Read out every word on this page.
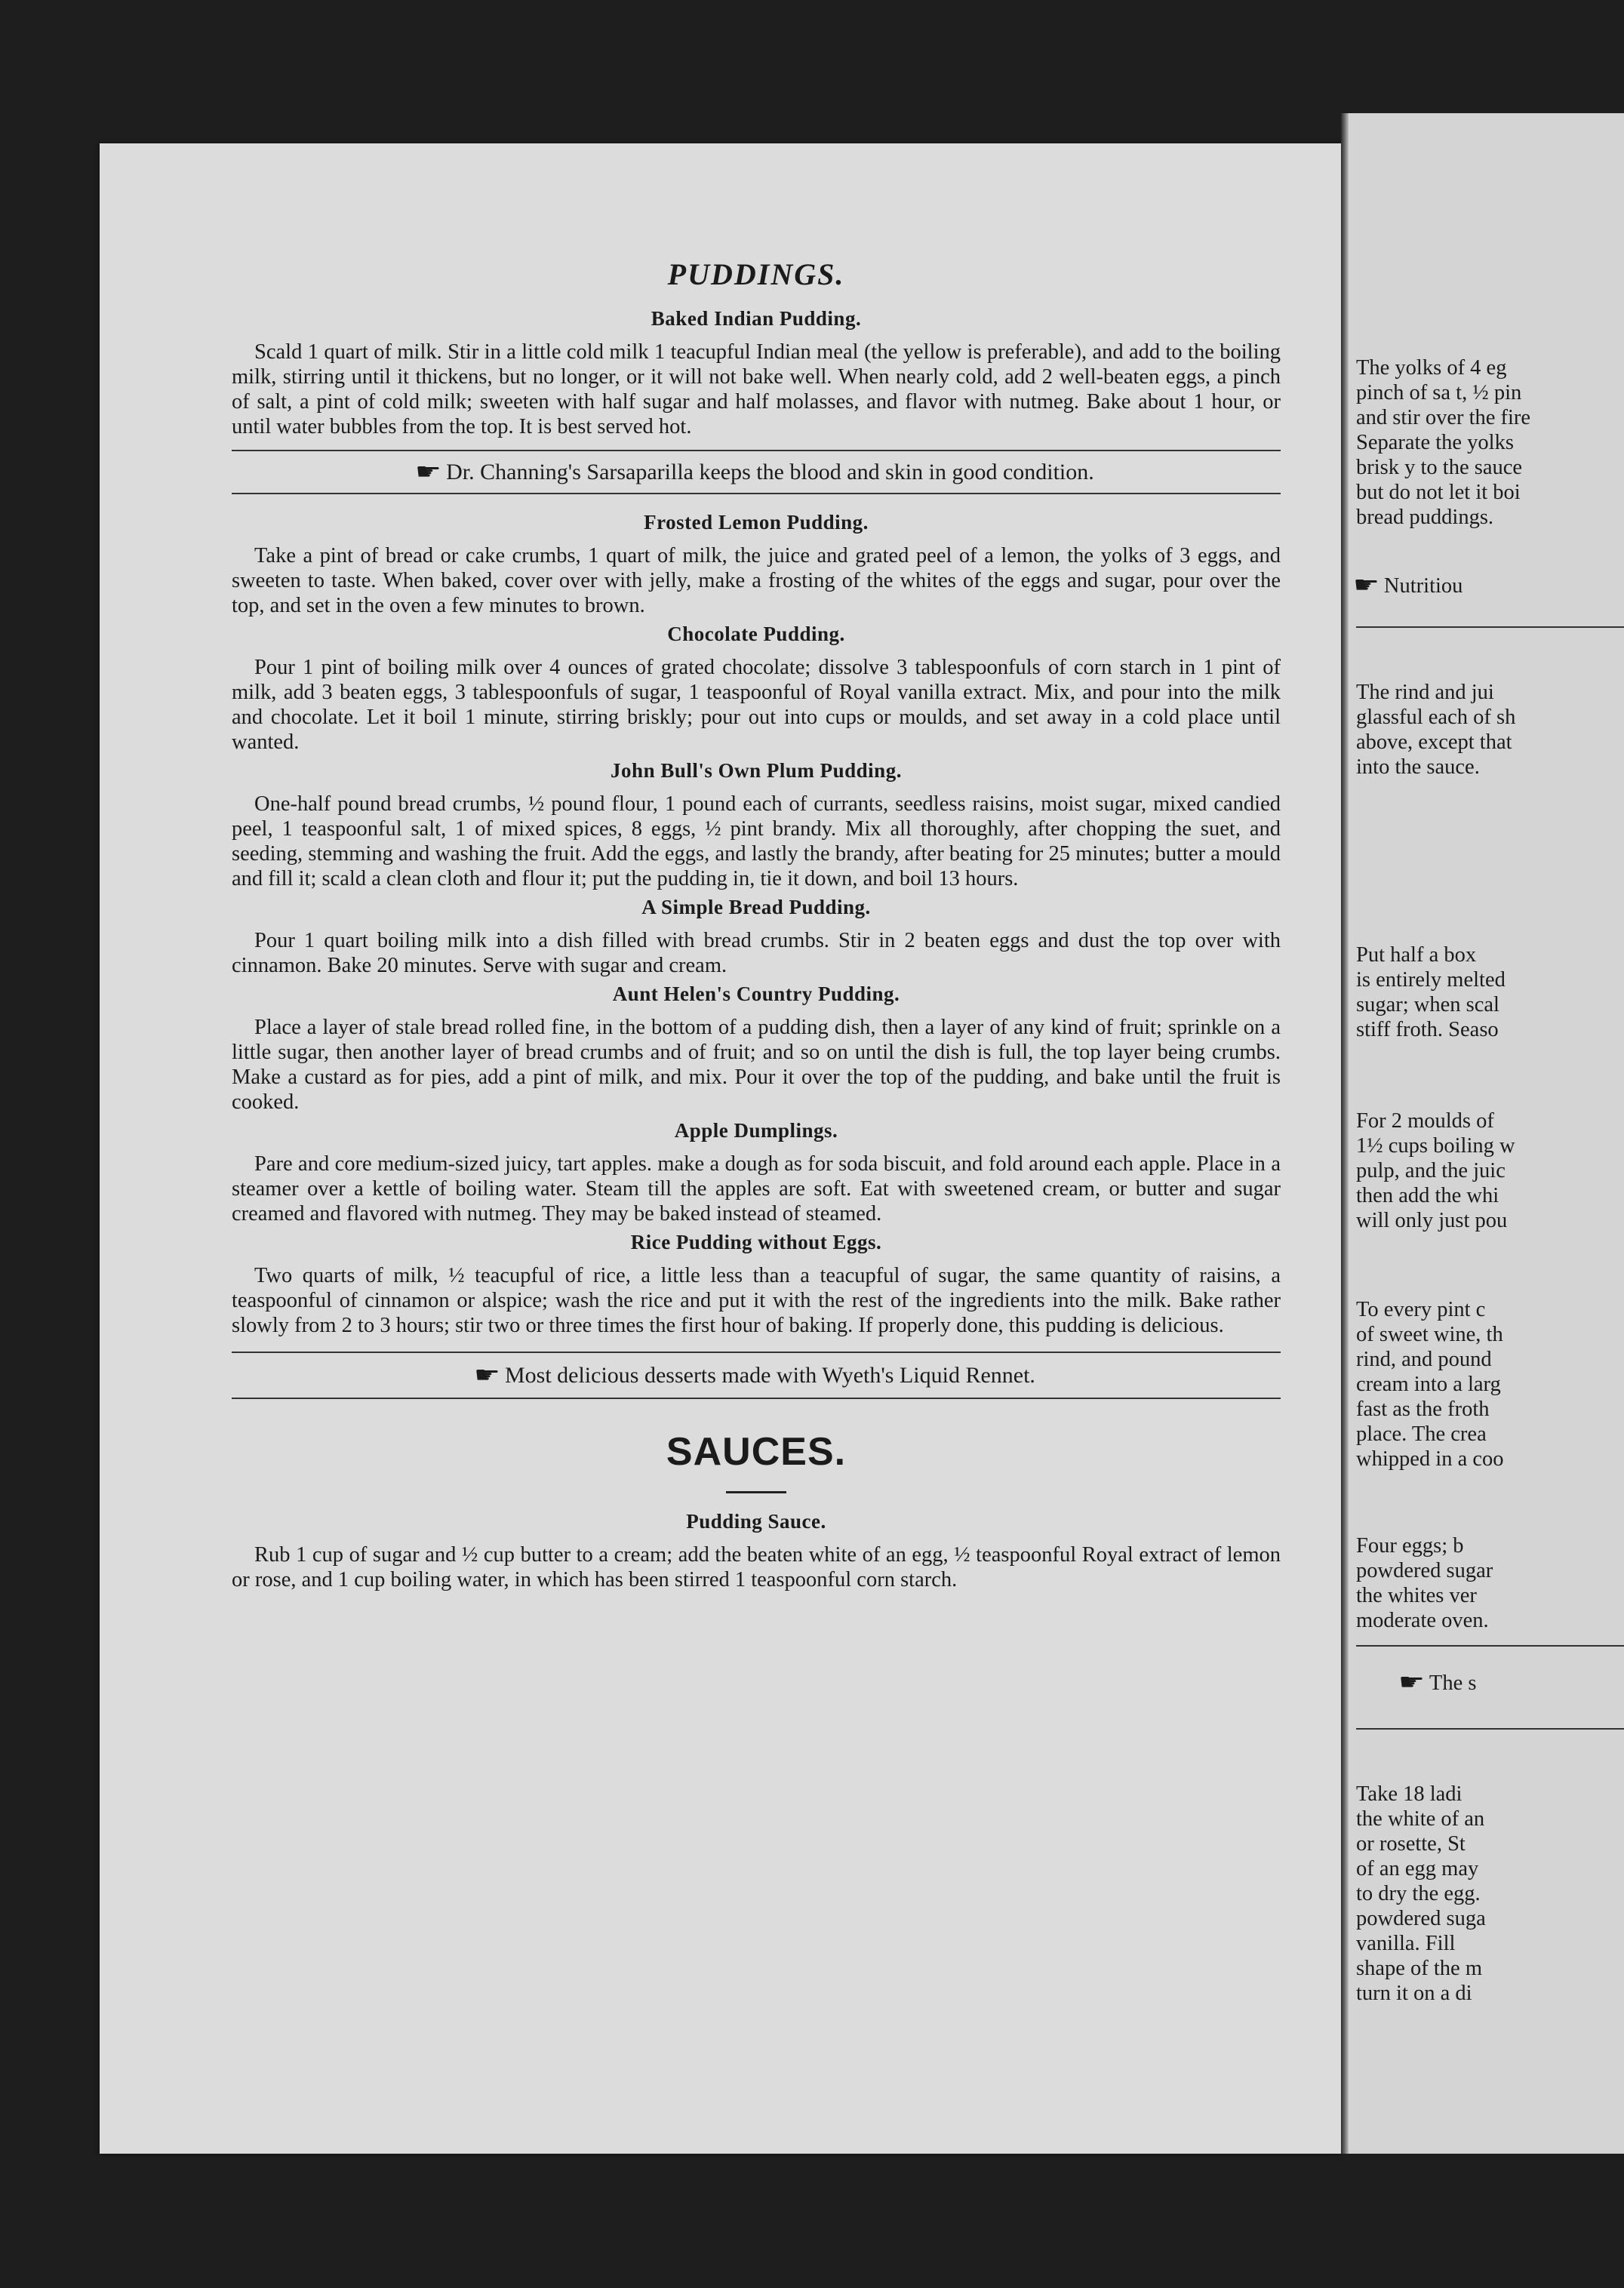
PUDDINGS.

Baked Indian Pudding.

Scald 1 quart of milk. Stir in a little cold milk 1 teacupful Indian meal (the yellow is preferable), and add to the boiling milk, stirring until it thickens, but no longer, or it will not bake well. When nearly cold, add 2 well-beaten eggs, a pinch of salt, a pint of cold milk; sweeten with half sugar and half molasses, and flavor with nutmeg. Bake about 1 hour, or until water bubbles from the top. It is best served hot.

☛ Dr. Channing's Sarsaparilla keeps the blood and skin in good condition.

Frosted Lemon Pudding.

Take a pint of bread or cake crumbs, 1 quart of milk, the juice and grated peel of a lemon, the yolks of 3 eggs, and sweeten to taste. When baked, cover over with jelly, make a frosting of the whites of the eggs and sugar, pour over the top, and set in the oven a few minutes to brown.

Chocolate Pudding.

Pour 1 pint of boiling milk over 4 ounces of grated chocolate; dissolve 3 tablespoonfuls of corn starch in 1 pint of milk, add 3 beaten eggs, 3 tablespoonfuls of sugar, 1 teaspoonful of Royal vanilla extract. Mix, and pour into the milk and chocolate. Let it boil 1 minute, stirring briskly; pour out into cups or moulds, and set away in a cold place until wanted.

John Bull's Own Plum Pudding.

One-half pound bread crumbs, ½ pound flour, 1 pound each of currants, seedless raisins, moist sugar, mixed candied peel, 1 teaspoonful salt, 1 of mixed spices, 8 eggs, ½ pint brandy. Mix all thoroughly, after chopping the suet, and seeding, stemming and washing the fruit. Add the eggs, and lastly the brandy, after beating for 25 minutes; butter a mould and fill it; scald a clean cloth and flour it; put the pudding in, tie it down, and boil 13 hours.

A Simple Bread Pudding.

Pour 1 quart boiling milk into a dish filled with bread crumbs. Stir in 2 beaten eggs and dust the top over with cinnamon. Bake 20 minutes. Serve with sugar and cream.

Aunt Helen's Country Pudding.

Place a layer of stale bread rolled fine, in the bottom of a pudding dish, then a layer of any kind of fruit; sprinkle on a little sugar, then another layer of bread crumbs and of fruit; and so on until the dish is full, the top layer being crumbs. Make a custard as for pies, add a pint of milk, and mix. Pour it over the top of the pudding, and bake until the fruit is cooked.

Apple Dumplings.

Pare and core medium-sized juicy, tart apples. make a dough as for soda biscuit, and fold around each apple. Place in a steamer over a kettle of boiling water. Steam till the apples are soft. Eat with sweetened cream, or butter and sugar creamed and flavored with nutmeg. They may be baked instead of steamed.

Rice Pudding without Eggs.

Two quarts of milk, ½ teacupful of rice, a little less than a teacupful of sugar, the same quantity of raisins, a teaspoonful of cinnamon or alspice; wash the rice and put it with the rest of the ingredients into the milk. Bake rather slowly from 2 to 3 hours; stir two or three times the first hour of baking. If properly done, this pudding is delicious.

☛ Most delicious desserts made with Wyeth's Liquid Rennet.

SAUCES.

Pudding Sauce.

Rub 1 cup of sugar and ½ cup butter to a cream; add the beaten white of an egg, ½ teaspoonful Royal extract of lemon or rose, and 1 cup boiling water, in which has been stirred 1 teaspoonful corn starch.

The yolks of 4 eg
pinch of sa t, ½ pin
and stir over the fire
Separate the yolks
brisk y to the sauce
but do not let it boi
bread puddings.
☛ Nutritiou
The rind and jui
glassful each of sh
above, except that
into the sauce.
Put half a box
is entirely melted
sugar; when scal
stiff froth. Seaso
For 2 moulds of
1½ cups boiling w
pulp, and the juic
then add the whi
will only just pou
To every pint c
of sweet wine, th
rind, and pound
cream into a larg
fast as the froth
place. The crea
whipped in a coo
Four eggs; b
powdered sugar
the whites ver
moderate oven.
☛ The s
Take 18 ladi
the white of an
or rosette, St
of an egg may
to dry the egg.
powdered suga
vanilla. Fill
shape of the m
turn it on a di
